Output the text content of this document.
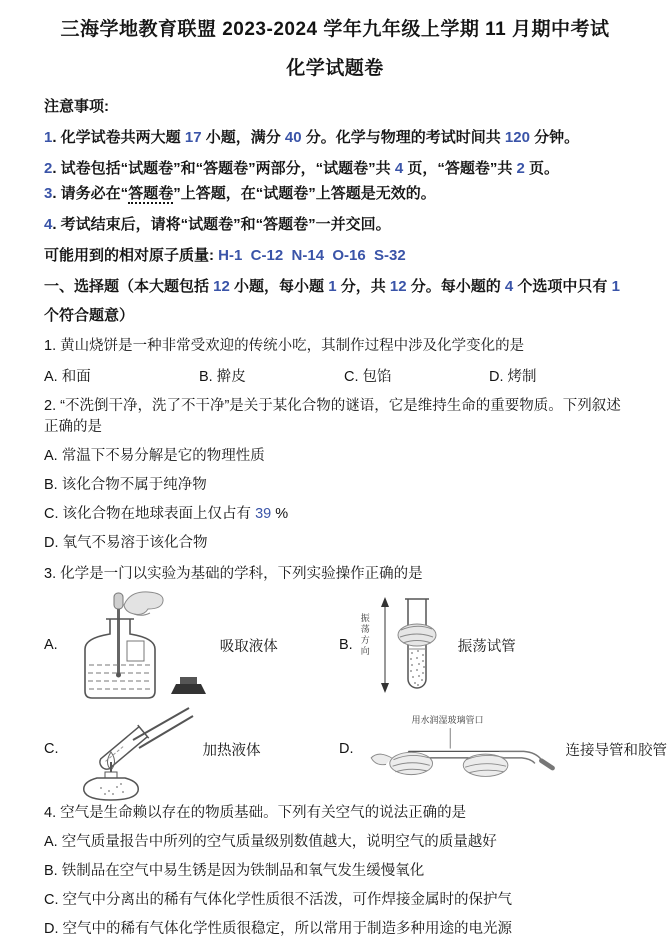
三海学地教育联盟 2023-2024 学年九年级上学期 11 月期中考试
化学试题卷
注意事项:
1. 化学试卷共两大题 17 小题，满分 40 分。化学与物理的考试时间共 120 分钟。
2. 试卷包括“试题卷”和“答题卷”两部分，“试题卷”共 4 页，“答题卷”共 2 页。
3. 请务必在“答题卷”上答题，在“试题卷”上答题是无效的。
4. 考试结束后，请将“试题卷”和“答题卷”一并交回。
可能用到的相对原子质量: H-1  C-12  N-14  O-16  S-32
一、选择题（本大题包括 12 小题，每小题 1 分，共 12 分。每小题的 4 个选项中只有 1 个符合题意）
1. 黄山烧饼是一种非常受欢迎的传统小吃，其制作过程中涉及化学变化的是
A. 和面	B. 擀皮	C. 包馅	D. 烤制
2. “不洗倒干净，洗了不干净”是关于某化合物的谜语，它是维持生命的重要物质。下列叙述正确的是
A. 常温下不易分解是它的物理性质
B. 该化合物不属于纯净物
C. 该化合物在地球表面上仅占有 39 %
D. 氧气不易溶于该化合物
3. 化学是一门以实验为基础的学科，下列实验操作正确的是
A.	吸取液体	B. 振荡方向	振荡试管
C.	加热液体	D.
用水润湿玻璃管口
连接导管和胶管
4. 空气是生命赖以存在的物质基础。下列有关空气的说法正确的是
A. 空气质量报告中所列的空气质量级别数值越大，说明空气的质量越好
B. 铁制品在空气中易生锈是因为铁制品和氧气发生缓慢氧化
C. 空气中分离出的稀有气体化学性质很不活泼，可作焊接金属时的保护气
D. 空气中的稀有气体化学性质很稳定，所以常用于制造多种用途的电光源
